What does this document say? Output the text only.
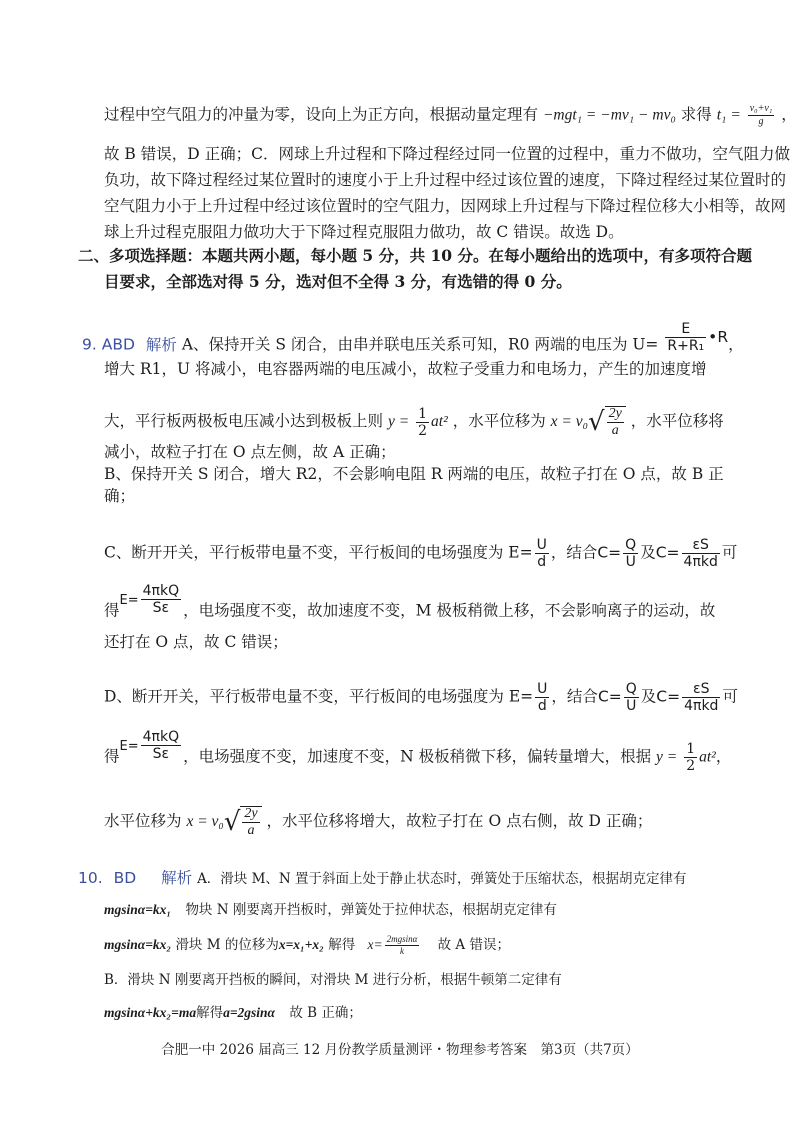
过程中空气阻力的冲量为零，设向上为正方向，根据动量定理有 −mgt₁ = −mv₁ − mv₀ 求得 $t_1 = \frac{\text{v₀+v₁}}{g}$ ，
故 B 错误，D 正确；C．网球上升过程和下降过程经过同一位置的过程中，重力不做功，空气阻力做
负功，故下降过程经过某位置时的速度小于上升过程中经过该位置的速度，下降过程经过某位置时的
空气阻力小于上升过程中经过该位置时的空气阻力，因网球上升过程与下降过程位移大小相等，故网
球上升过程克服阻力做功大于下降过程克服阻力做功，故 C 错误。故选 D。
二、多项选择题：本题共两小题，每小题 5 分，共 10 分。在每小题给出的选项中，有多项符合题
目要求，全部选对得 5 分，选对但不全得 3 分，有选错的得 0 分。
9. ABD 解析 A、保持开关 S 闭合，由串并联电压关系可知，R0 两端的电压为 $U= \frac{E}{\text{R+R₁}}$ •R，
增大 R1，U 将减小，电容器两端的电压减小，故粒子受重力和电场力，产生的加速度增
大，平行板两极板电压减小达到极板上则 $y = \frac{1}{2} at^2$ ，水平位移为 $x = v_0√ \frac{2y}{a}$ ，水平位移将
减小，故粒子打在 O 点左侧，故 A 正确；
B、保持开关 S 闭合，增大 R2，不会影响电阻 R 两端的电压，故粒子打在 O 点，故 B 正
确；
C、断开开关，平行板带电量不变，平行板间的电场强度为 $E= \frac{U}{d}$ ，结合$C= \frac{Q}{U}$ 及$C= \frac{\varepsilon S}{\text{4πkd}}$ 可
得$^{E=} \frac{\text{4πkQ}}{S\varepsilon}$ ，电场强度不变，故加速度不变，M 极板稍微上移，不会影响离子的运动，故
还打在 O 点，故 C 错误；
D、断开开关，平行板带电量不变，平行板间的电场强度为 $E= \frac{U}{d}$ ，结合$C= \frac{Q}{U}$ 及$C= \frac{\varepsilon S}{\text{4πkd}}$ 可
得$^{E=} \frac{\text{4πkQ}}{S\varepsilon}$ ，电场强度不变，加速度不变，N 极板稍微下移，偏转量增大，根据 $y = \frac{1}{2} at^2$，
水平位移为 $x = v_0√ \frac{2y}{a}$ ，水平位移将增大，故粒子打在 O 点右侧，故 D 正确；
10. BD 解析 A．滑块 M、N 置于斜面上处于静止状态时，弹簧处于压缩状态，根据胡克定律有
mgsinα=kx₁ 物块 N 刚要离开挡板时，弹簧处于拉伸状态，根据胡克定律有
mgsinα=kx₂ 滑块 M 的位移为x=x₁+x₂ 解得 $x= \frac{2mgsin\alpha}{k}$ 故 A 错误；
B．滑块 N 刚要离开挡板的瞬间，对滑块 M 进行分析，根据牛顿第二定律有
mgsinα+kx₂=ma解得a=2gsinα 故 B 正确；
合肥一中 2026 届高三 12 月份教学质量测评・物理参考答案　第3页（共7页）
